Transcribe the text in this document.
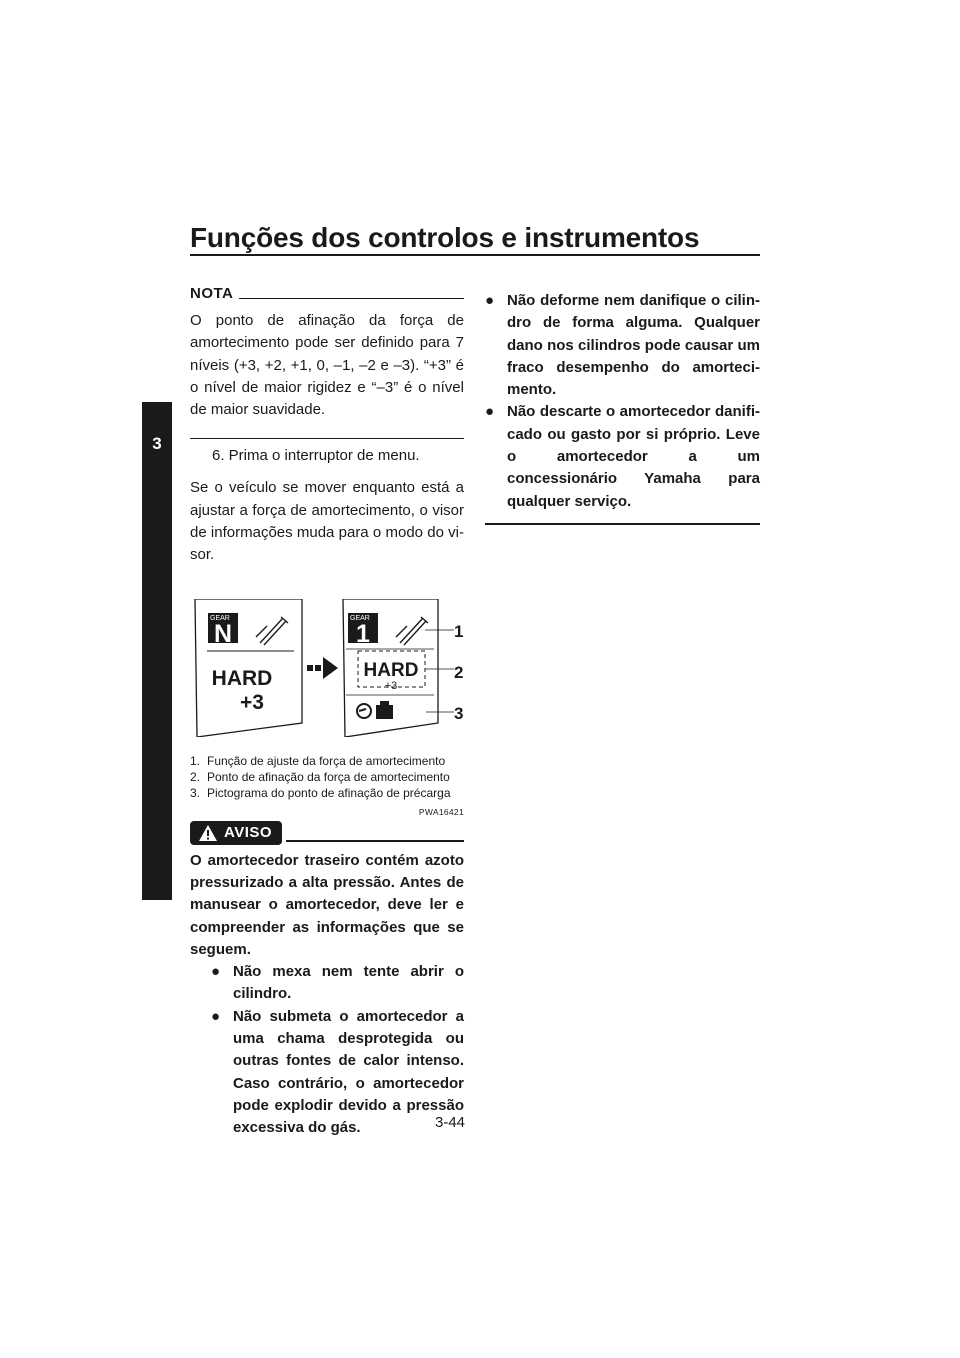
Funções dos controlos e instrumentos
3
NOTA

O ponto de afinação da força de amortecimento pode ser definido para 7 níveis (+3, +2, +1, 0, –1, –2 e –3). “+3” é o nível de maior rigidez e “–3” é o nível de maior suavidade.

6. Prima o interruptor de menu.

Se o veículo se mover enquanto está a ajustar a força de amortecimento, o visor de informações muda para o modo do visor.

GEAR
N
HARD
+3
GEAR
1
HARD
+3
1
2
3
1. Função de ajuste da força de amortecimento
2. Ponto de afinação da força de amortecimento
3. Pictograma do ponto de afinação de précarga
PWA16421
AVISO

O amortecedor traseiro contém azoto pressurizado a alta pressão. Antes de manusear o amortecedor, deve ler e compreender as informações que se seguem.

● Não mexa nem tente abrir o cilindro.
● Não submeta o amortecedor a uma chama desprotegida ou outras fontes de calor intenso. Caso contrário, o amortecedor pode explodir devido a pressão excessiva do gás.
● Não deforme nem danifique o cilindro de forma alguma. Qualquer dano nos cilindros pode causar um fraco desempenho do amortecimento.
● Não descarte o amortecedor danificado ou gasto por si próprio. Leve o amortecedor a um concessionário Yamaha para qualquer serviço.
3-44
